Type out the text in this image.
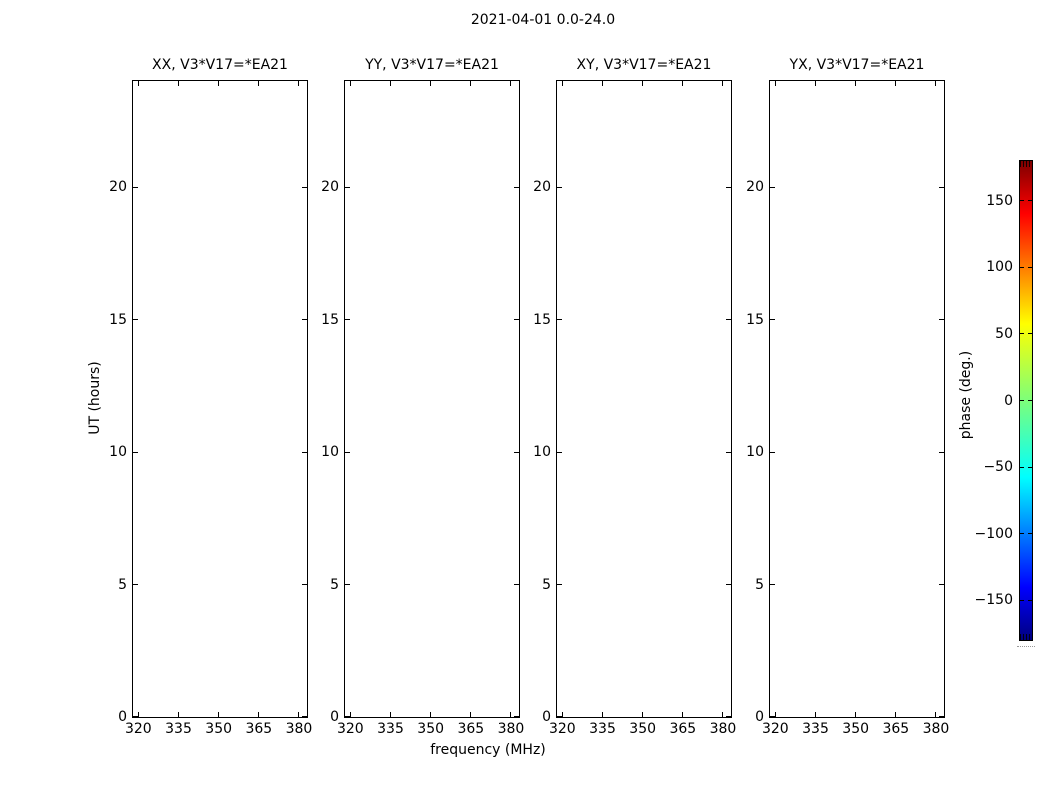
2021-04-01 0.0-24.0
XX, V3*V17=*EA21
320 335 350 365 380
0
5
10
15
20
YY, V3*V17=*EA21
320 335 350 365 380
0
5
10
15
20
XY, V3*V17=*EA21
320 335 350 365 380
0
5
10
15
20
YX, V3*V17=*EA21
320 335 350 365 380
0
5
10
15
20
frequency (MHz)
UT (hours)	phase (deg.)
150
100
50
0
−50
−100
−150
